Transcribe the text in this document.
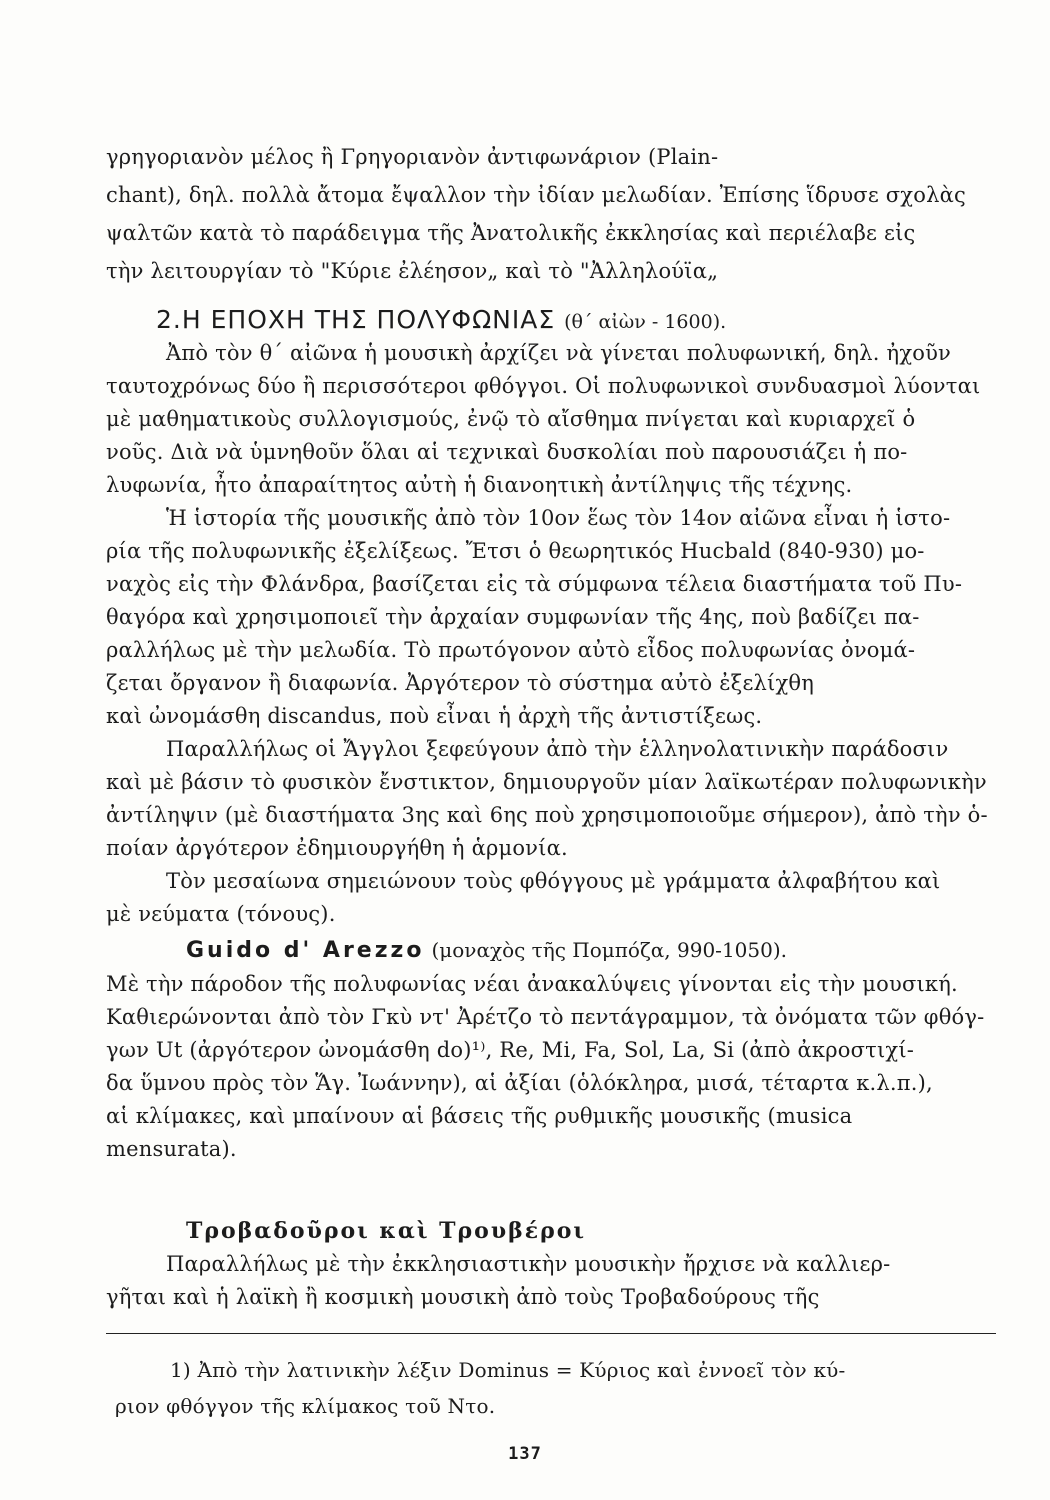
γρηγοριανὸν μέλος ἢ Γρηγοριανὸν ἀντιφωνάριον (Plain-
chant), δηλ. πολλὰ ἄτομα ἔψαλλον τὴν ἰδίαν μελωδίαν. Ἐπίσης ἵδρυσε σχολὰς
ψαλτῶν κατὰ τὸ παράδειγμα τῆς Ἀνατολικῆς ἐκκλησίας καὶ περιέλαβε εἰς
τὴν λειτουργίαν τὸ "Κύριε ἐλέησον„ καὶ τὸ "Ἀλληλούϊα„
2.Η ΕΠΟΧΗ ΤΗΣ ΠΟΛΥΦΩΝΙΑΣ (θ´ αἰὼν - 1600).
Ἀπὸ τὸν θ´ αἰῶνα ἡ μουσικὴ ἀρχίζει νὰ γίνεται πολυφωνική, δηλ. ἠχοῦν
ταυτοχρόνως δύο ἢ περισσότεροι φθόγγοι. Οἱ πολυφωνικοὶ συνδυασμοὶ λύονται
μὲ μαθηματικοὺς συλλογισμούς, ἐνῷ τὸ αἴσθημα πνίγεται καὶ κυριαρχεῖ ὁ
νοῦς. Διὰ νὰ ὑμνηθοῦν ὅλαι αἱ τεχνικαὶ δυσκολίαι ποὺ παρουσιάζει ἡ πο-
λυφωνία, ἦτο ἀπαραίτητος αὐτὴ ἡ διανοητικὴ ἀντίληψις τῆς τέχνης.
Ἡ ἱστορία τῆς μουσικῆς ἀπὸ τὸν 10ον ἕως τὸν 14ον αἰῶνα εἶναι ἡ ἱστο-
ρία τῆς πολυφωνικῆς ἐξελίξεως. Ἔτσι ὁ θεωρητικός Hucbald (840-930) μο-
ναχὸς εἰς τὴν Φλάνδρα, βασίζεται εἰς τὰ σύμφωνα τέλεια διαστήματα τοῦ Πυ-
θαγόρα καὶ χρησιμοποιεῖ τὴν ἀρχαίαν συμφωνίαν τῆς 4ης, ποὺ βαδίζει πα-
ραλλήλως μὲ τὴν μελωδία. Τὸ πρωτόγονον αὐτὸ εἶδος πολυφωνίας ὀνομά-
ζεται ὄργανον ἢ διαφωνία. Ἀργότερον τὸ σύστημα αὐτὸ ἐξελίχθη
καὶ ὠνομάσθη discandus, ποὺ εἶναι ἡ ἀρχὴ τῆς ἀντιστίξεως.
Παραλλήλως οἱ Ἄγγλοι ξεφεύγουν ἀπὸ τὴν ἑλληνολατινικὴν παράδοσιν
καὶ μὲ βάσιν τὸ φυσικὸν ἔνστικτον, δημιουργοῦν μίαν λαϊκωτέραν πολυφωνικὴν
ἀντίληψιν (μὲ διαστήματα 3ης καὶ 6ης ποὺ χρησιμοποιοῦμε σήμερον), ἀπὸ τὴν ὁ-
ποίαν ἀργότερον ἐδημιουργήθη ἡ ἁρμονία.
Τὸν μεσαίωνα σημειώνουν τοὺς φθόγγους μὲ γράμματα ἀλφαβήτου καὶ
μὲ νεύματα (τόνους).
Guido d' Arezzo (μοναχὸς τῆς Πομπόζα, 990-1050).
Μὲ τὴν πάροδον τῆς πολυφωνίας νέαι ἀνακαλύψεις γίνονται εἰς τὴν μουσική.
Καθιερώνονται ἀπὸ τὸν Γκὺ ντ' Ἀρέτζο τὸ πεντάγραμμον, τὰ ὀνόματα τῶν φθόγ-
γων Ut (ἀργότερον ὠνομάσθη do)¹⁾, Re, Mi, Fa, Sol, La, Si (ἀπὸ ἀκροστιχί-
δα ὕμνου πρὸς τὸν Ἅγ. Ἰωάννην), αἱ ἀξίαι (ὁλόκληρα, μισά, τέταρτα κ.λ.π.),
αἱ κλίμακες, καὶ μπαίνουν αἱ βάσεις τῆς ρυθμικῆς μουσικῆς (musica
mensurata).
Τροβαδοῦροι καὶ Τρουβέροι
Παραλλήλως μὲ τὴν ἐκκλησιαστικὴν μουσικὴν ἤρχισε νὰ καλλιερ-
γῆται καὶ ἡ λαϊκὴ ἢ κοσμικὴ μουσικὴ ἀπὸ τοὺς Τροβαδούρους τῆς
1) Ἀπὸ τὴν λατινικὴν λέξιν Dominus = Κύριος καὶ ἐννοεῖ τὸν κύ-
ριον φθόγγον τῆς κλίμακος τοῦ Ντο.
137
